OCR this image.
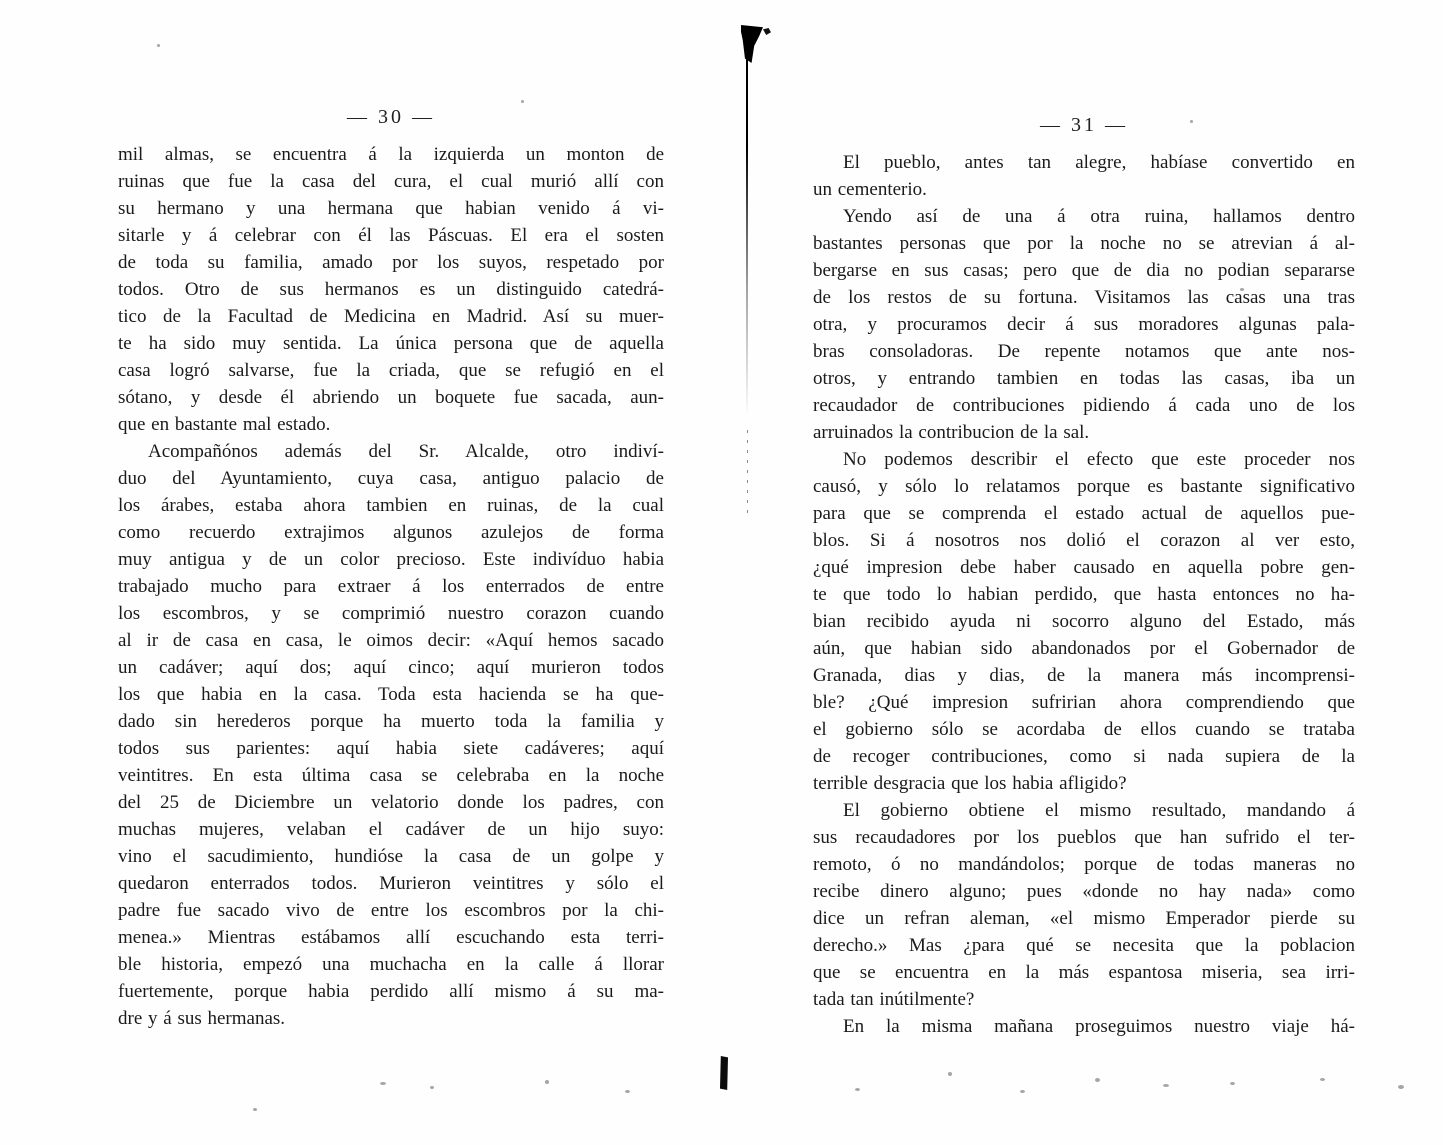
— 30 —
mil almas, se encuentra á la izquierda un monton de
ruinas que fue la casa del cura, el cual murió allí con
su hermano y una hermana que habian venido á vi-
sitarle y á celebrar con él las Páscuas. El era el sosten
de toda su familia, amado por los suyos, respetado por
todos. Otro de sus hermanos es un distinguido catedrá-
tico de la Facultad de Medicina en Madrid. Así su muer-
te ha sido muy sentida. La única persona que de aquella
casa logró salvarse, fue la criada, que se refugió en el
sótano, y desde él abriendo un boquete fue sacada, aun-
que en bastante mal estado.
Acompañónos además del Sr. Alcalde, otro indiví-
duo del Ayuntamiento, cuya casa, antiguo palacio de
los árabes, estaba ahora tambien en ruinas, de la cual
como recuerdo extrajimos algunos azulejos de forma
muy antigua y de un color precioso. Este indivíduo habia
trabajado mucho para extraer á los enterrados de entre
los escombros, y se comprimió nuestro corazon cuando
al ir de casa en casa, le oimos decir: «Aquí hemos sacado
un cadáver; aquí dos; aquí cinco; aquí murieron todos
los que habia en la casa. Toda esta hacienda se ha que-
dado sin herederos porque ha muerto toda la familia y
todos sus parientes: aquí habia siete cadáveres; aquí
veintitres. En esta última casa se celebraba en la noche
del 25 de Diciembre un velatorio donde los padres, con
muchas mujeres, velaban el cadáver de un hijo suyo:
vino el sacudimiento, hundióse la casa de un golpe y
quedaron enterrados todos. Murieron veintitres y sólo el
padre fue sacado vivo de entre los escombros por la chi-
menea.» Mientras estábamos allí escuchando esta terri-
ble historia, empezó una muchacha en la calle á llorar
fuertemente, porque habia perdido allí mismo á su ma-
dre y á sus hermanas.
— 31 —
El pueblo, antes tan alegre, habíase convertido en
un cementerio.
Yendo así de una á otra ruina, hallamos dentro
bastantes personas que por la noche no se atrevian á al-
bergarse en sus casas; pero que de dia no podian separarse
de los restos de su fortuna. Visitamos las casas una tras
otra, y procuramos decir á sus moradores algunas pala-
bras consoladoras. De repente notamos que ante nos-
otros, y entrando tambien en todas las casas, iba un
recaudador de contribuciones pidiendo á cada uno de los
arruinados la contribucion de la sal.
No podemos describir el efecto que este proceder nos
causó, y sólo lo relatamos porque es bastante significativo
para que se comprenda el estado actual de aquellos pue-
blos. Si á nosotros nos dolió el corazon al ver esto,
¿qué impresion debe haber causado en aquella pobre gen-
te que todo lo habian perdido, que hasta entonces no ha-
bian recibido ayuda ni socorro alguno del Estado, más
aún, que habian sido abandonados por el Gobernador de
Granada, dias y dias, de la manera más incomprensi-
ble? ¿Qué impresion sufririan ahora comprendiendo que
el gobierno sólo se acordaba de ellos cuando se trataba
de recoger contribuciones, como si nada supiera de la
terrible desgracia que los habia afligido?
El gobierno obtiene el mismo resultado, mandando á
sus recaudadores por los pueblos que han sufrido el ter-
remoto, ó no mandándolos; porque de todas maneras no
recibe dinero alguno; pues «donde no hay nada» como
dice un refran aleman, «el mismo Emperador pierde su
derecho.» Mas ¿para qué se necesita que la poblacion
que se encuentra en la más espantosa miseria, sea irri-
tada tan inútilmente?
En la misma mañana proseguimos nuestro viaje há-
